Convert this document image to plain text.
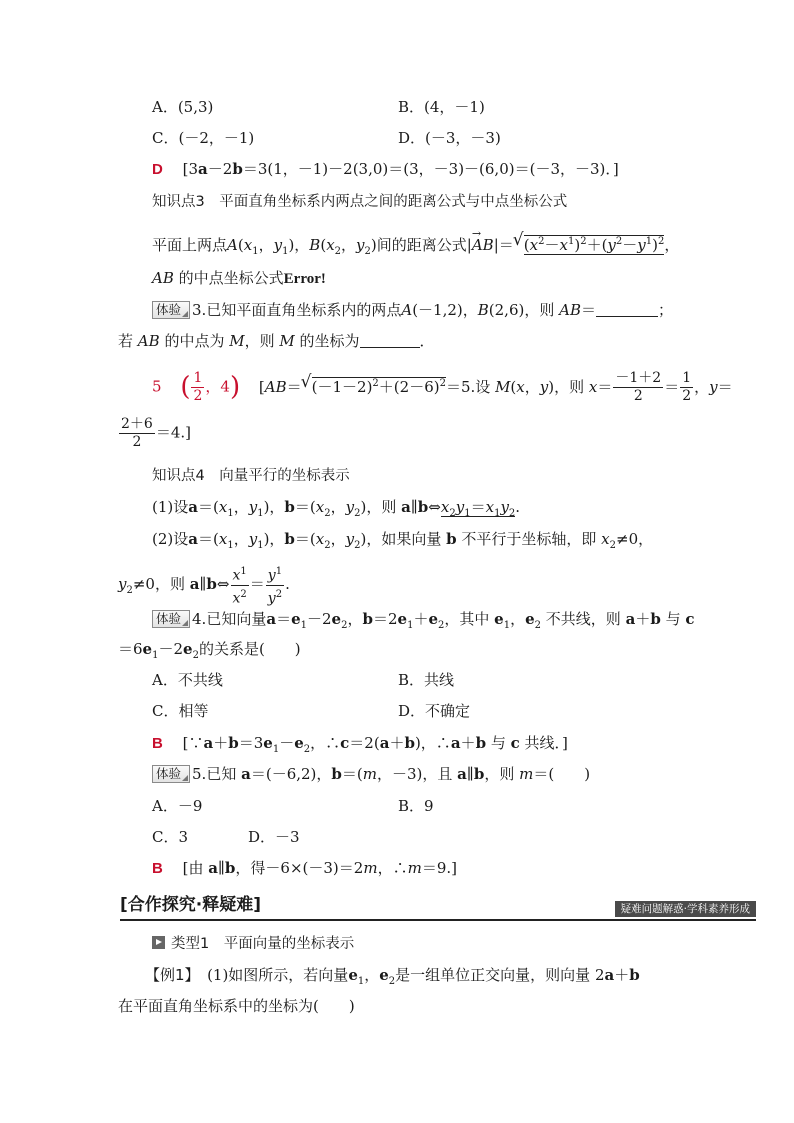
A．(5,3)	B．(4，－1)
C．(－2，－1)	D．(－3，－3)
D 　[3a－2b＝3(1，－1)－2(3,0)＝(3，－3)－(6,0)＝(－3，－3)．]
知识点3　平面直角坐标系内两点之间的距离公式与中点坐标公式
平面上两点$A(x_1$，$y_1$)，$B(x_2$，$y_2$)间的距离公式|→ AB|＝ √ $(x^2-x^1)^2+(y^2-y^1)^2$，
AB 的中点坐标公式Error!
体验 3.已知平面直角坐标系内的两点A(－1,2)，B(2,6)，则 AB＝	；
若 AB 的中点为 M，则 M 的坐标为	．
5 ( $\frac{1}{2}$ ，4) [AB＝ √ $(-1-2)^2+(2-6)^2=5$.设 M(x，y)，则 $x= \frac{-1+2}{2} = \frac{1}{2}$ ，y＝
$\frac{2+6}{2} =4$.]
知识点4　向量平行的坐标表示
(1)设$a=(x_1$，$y_1$)，$b=(x_2$，$y_2$)，则 $a\parallel b\Leftrightarrow x_2y_1=x_1y_2$.
(2)设$a=(x_1$，$y_1$)，$b=(x_2$，$y_2$)，如果向量 b 不平行于坐标轴，即 $x_2\ne 0$，
$y_2\ne 0$，则 a∥b⇔ $\frac{x^1}{x^2} = \frac{y^1}{y^2}$ .
体验 4.已知向量$a=e_1-2e_2$，$b=2e_1+e_2$，其中 $e_1$，$e_2$ 不共线，则 a＋b 与 c
$=6e_1-2e_2$的关系是(　　)
A．不共线	B．共线
C．相等	D．不确定
B 　[$\because a+b=3e_1-e_2$，∴c＝2(a＋b)，∴a＋b 与 c 共线．]
体验 5.已知 a＝(－6,2)，b＝(m，－3)，且 a∥b，则 m＝(　　)
A．－9	B．9
C．3	D．－3
B 　[由 a∥b，得－6×(－3)＝2m，∴m＝9.]
[合作探究·释疑难]	疑难问题解惑·学科素养形成
类型1　平面向量的坐标表示
【例1】　 (1)如图所示，若向量$e_1$，$e_2$是一组单位正交向量，则向量 2a＋b
在平面直角坐标系中的坐标为(　　)
